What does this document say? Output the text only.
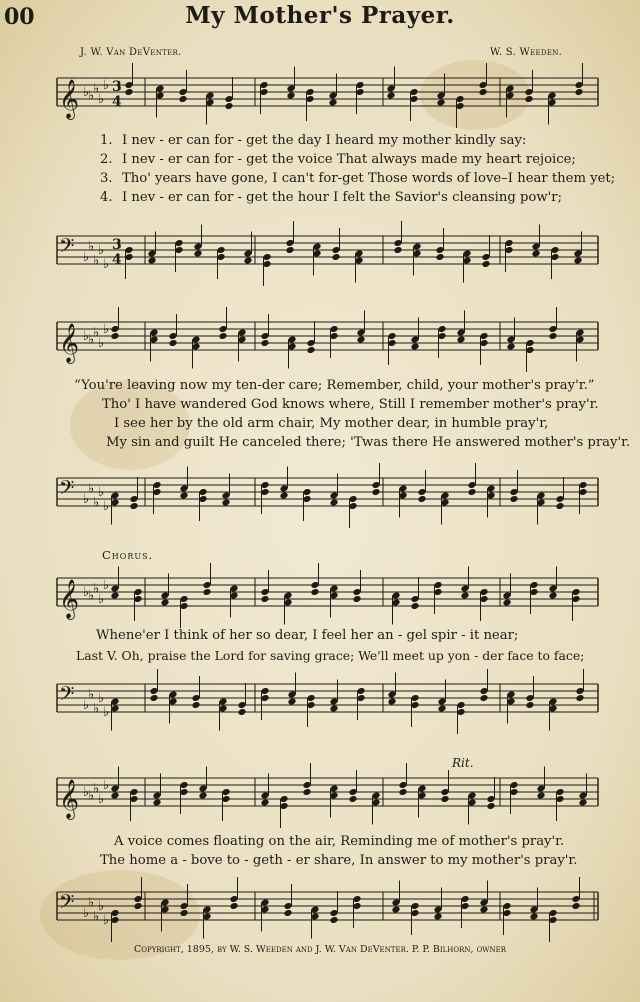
00	My Mother's Prayer.
J. W. Van DeVenter.	W. S. Weeden.
♭
♭
♭
♭
♭ 3
4
𝄞
1. I nev - er can for - get the day I heard my mother kindly say:
2. I nev - er can for - get the voice That always made my heart rejoice;
3. Tho' years have gone, I can't for-get Those words of love–I hear them yet;
4. I nev - er can for - get the hour I felt the Savior's cleansing pow'r;
♭
♭
♭
♭
♭
3
4
𝄢
♭
♭
♭
♭
♭
𝄞
“You're leaving now my ten-der care; Remember, child, your mother's pray'r.”
Tho' I have wandered God knows where, Still I remember mother's pray'r.
I see her by the old arm chair, My mother dear, in humble pray'r,
My sin and guilt He canceled there; 'Twas there He answered mother's pray'r.
♭
♭
♭
♭
♭
𝄢
Chorus.
♭
♭
♭
♭
♭
𝄞
Whene'er I think of her so dear, I feel her an - gel spir - it near;
Last V. Oh, praise the Lord for saving grace; We'll meet up yon - der face to face;
♭
♭
♭
♭
♭
𝄢
Rit.
♭
♭
♭
♭
♭
𝄞
A voice comes floating on the air, Reminding me of mother's pray'r.
The home a - bove to - geth - er share, In answer to my mother's pray'r.
♭
♭
♭
♭
♭
𝄢
Copyright, 1895, by W. S. Weeden and J. W. Van DeVenter. P. P. Bilhorn, owner
